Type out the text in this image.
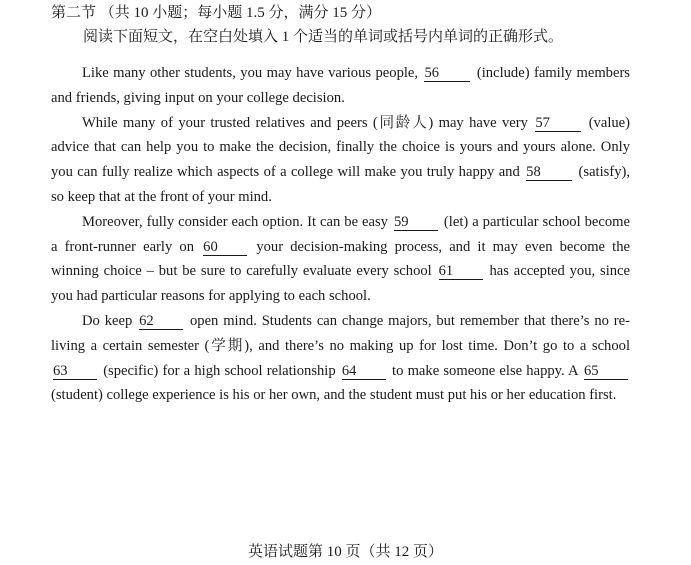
第二节 （共 10 小题；每小题 1.5 分，满分 15 分）
阅读下面短文，在空白处填入 1 个适当的单词或括号内单词的正确形式。

Like many other students, you may have various people, 56	(include) family members and friends, giving input on your college decision.

While many of your trusted relatives and peers (同龄人) may have very 57	(value) advice that can help you to make the decision, finally the choice is yours and yours alone. Only you can fully realize which aspects of a college will make you truly happy and 58	(satisfy), so keep that at the front of your mind.

Moreover, fully consider each option. It can be easy 59 (let) a particular school become a front-runner early on 60	your decision-making process, and it may even become the winning choice – but be sure to carefully evaluate every school 61 has accepted you, since you had particular reasons for applying to each school.

Do keep 62 open mind. Students can change majors, but remember that there’s no re-living a certain semester (学期), and there’s no making up for lost time. Don’t go to a school 63 (specific) for a high school relationship 64 to make someone else happy. A 65 (student) college experience is his or her own, and the student must put his or her education first.

英语试题第 10 页（共 12 页）
